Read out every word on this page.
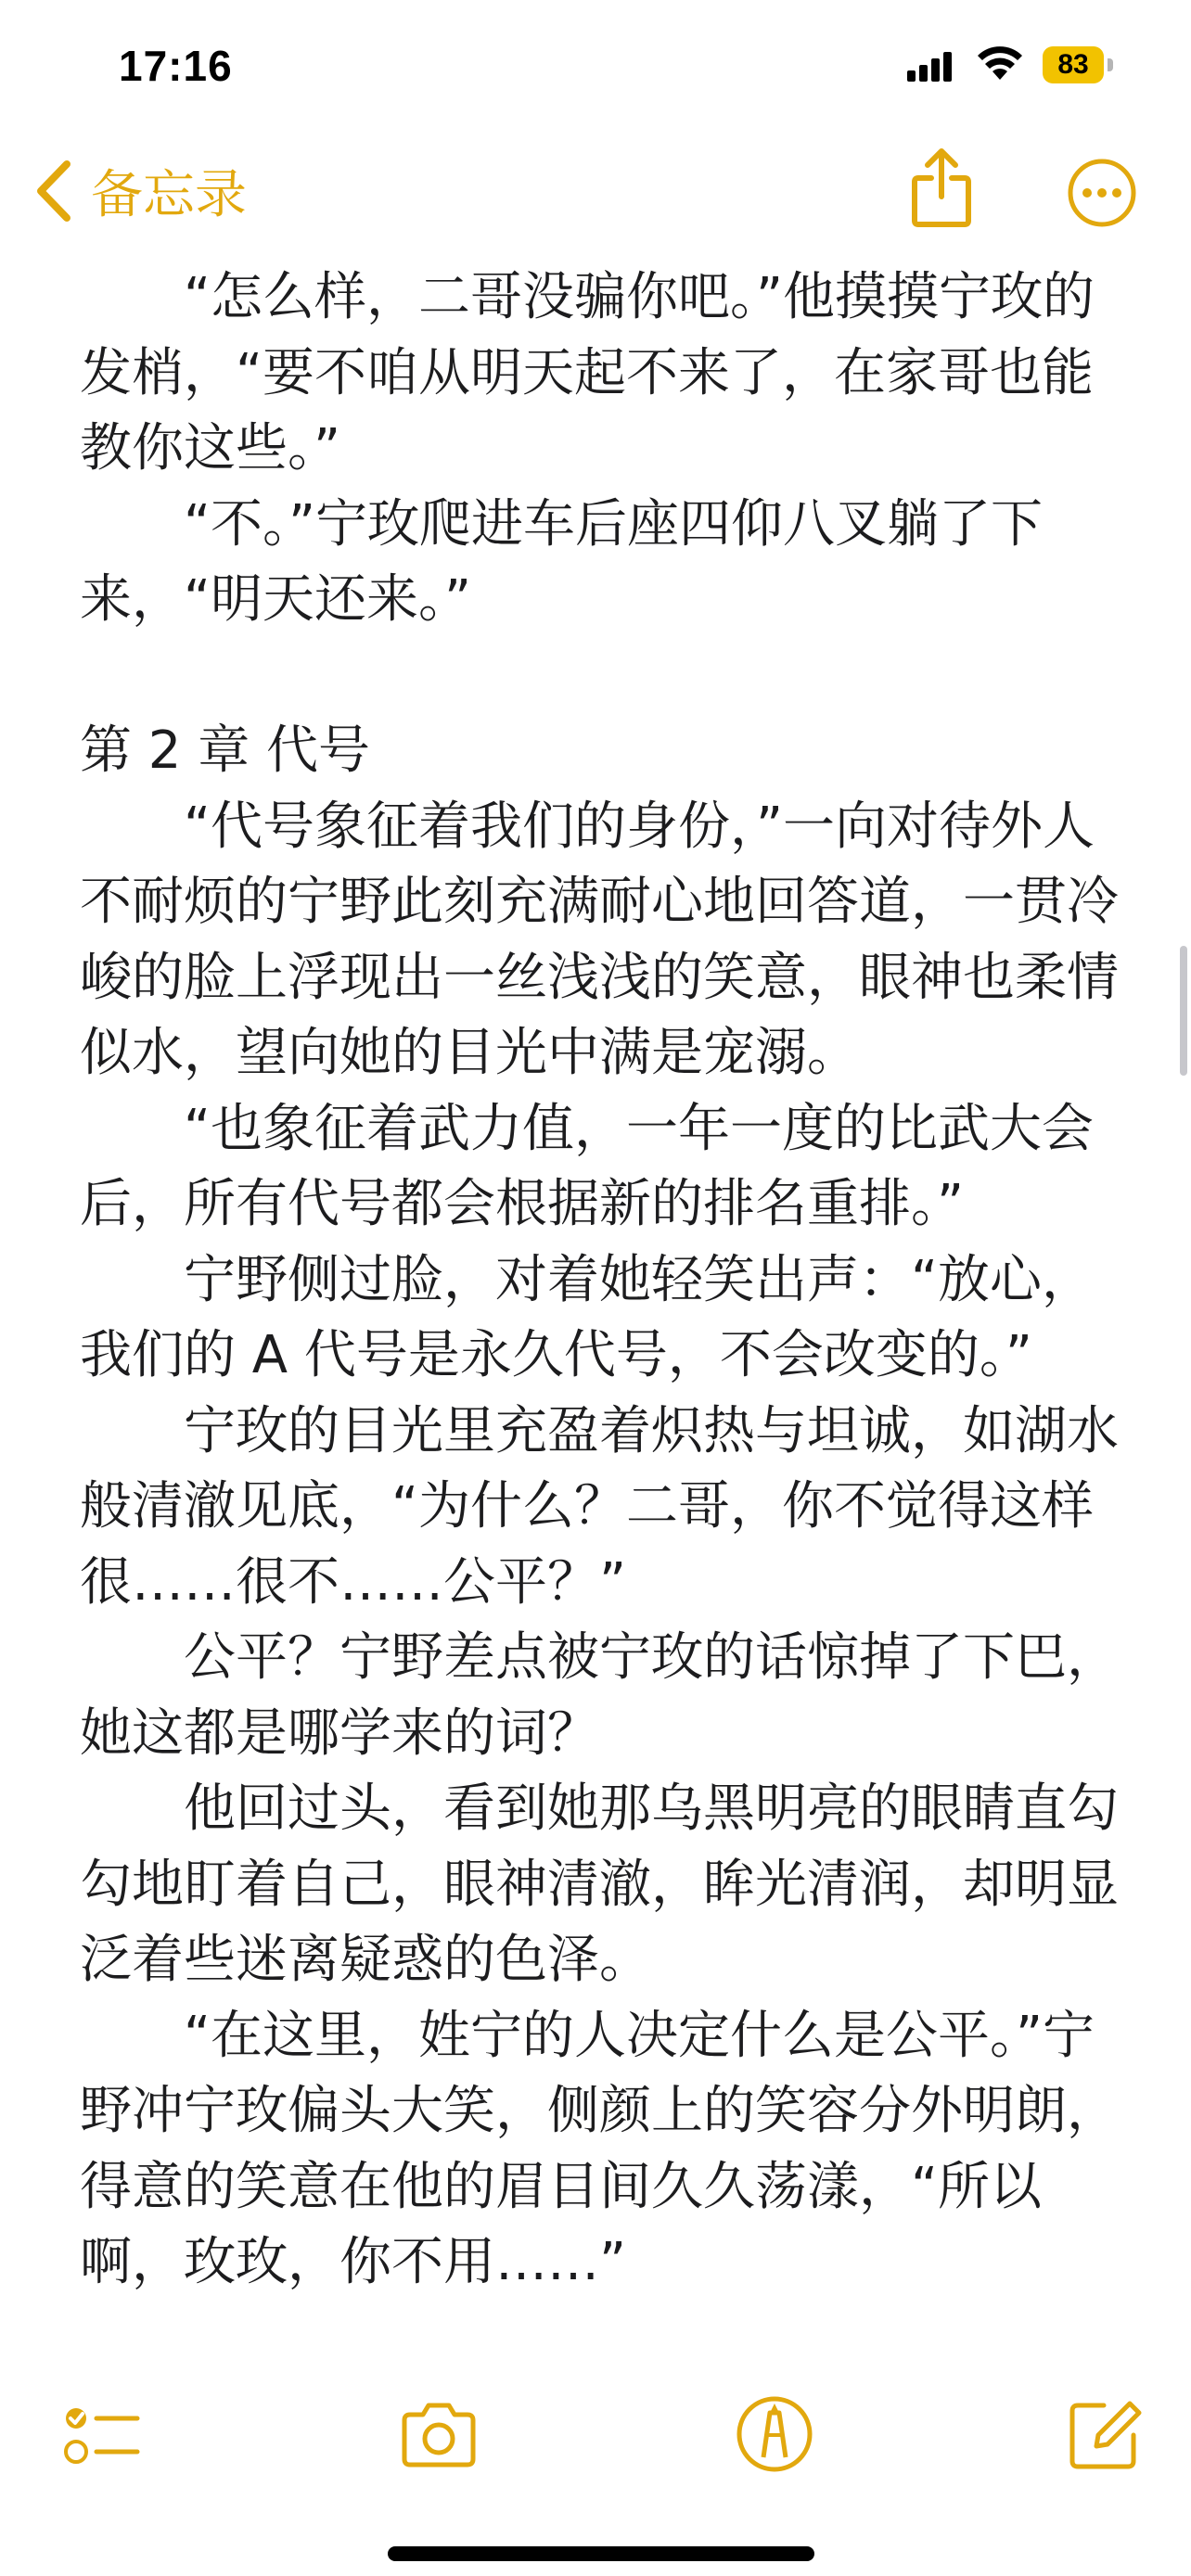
17:16	83
备忘录

“怎么样，二哥没骗你吧。”他摸摸宁玫的发梢，“要不咱从明天起不来了，在家哥也能教你这些。”

“不。”宁玫爬进车后座四仰八叉躺了下来，“明天还来。”

第 2 章 代号

“代号象征着我们的身份，”一向对待外人不耐烦的宁野此刻充满耐心地回答道，一贯冷峻的脸上浮现出一丝浅浅的笑意，眼神也柔情似水，望向她的目光中满是宠溺。

“也象征着武力值，一年一度的比武大会后，所有代号都会根据新的排名重排。”

宁野侧过脸，对着她轻笑出声：“放心，我们的 A 代号是永久代号，不会改变的。”

宁玫的目光里充盈着炽热与坦诚，如湖水般清澈见底，“为什么？二哥，你不觉得这样很……很不……公平？”

公平？宁野差点被宁玫的话惊掉了下巴，她这都是哪学来的词？

他回过头，看到她那乌黑明亮的眼睛直勾勾地盯着自己，眼神清澈，眸光清润，却明显泛着些迷离疑惑的色泽。

“在这里，姓宁的人决定什么是公平。”宁野冲宁玫偏头大笑，侧颜上的笑容分外明朗，得意的笑意在他的眉目间久久荡漾，“所以啊，玫玫，你不用……”
